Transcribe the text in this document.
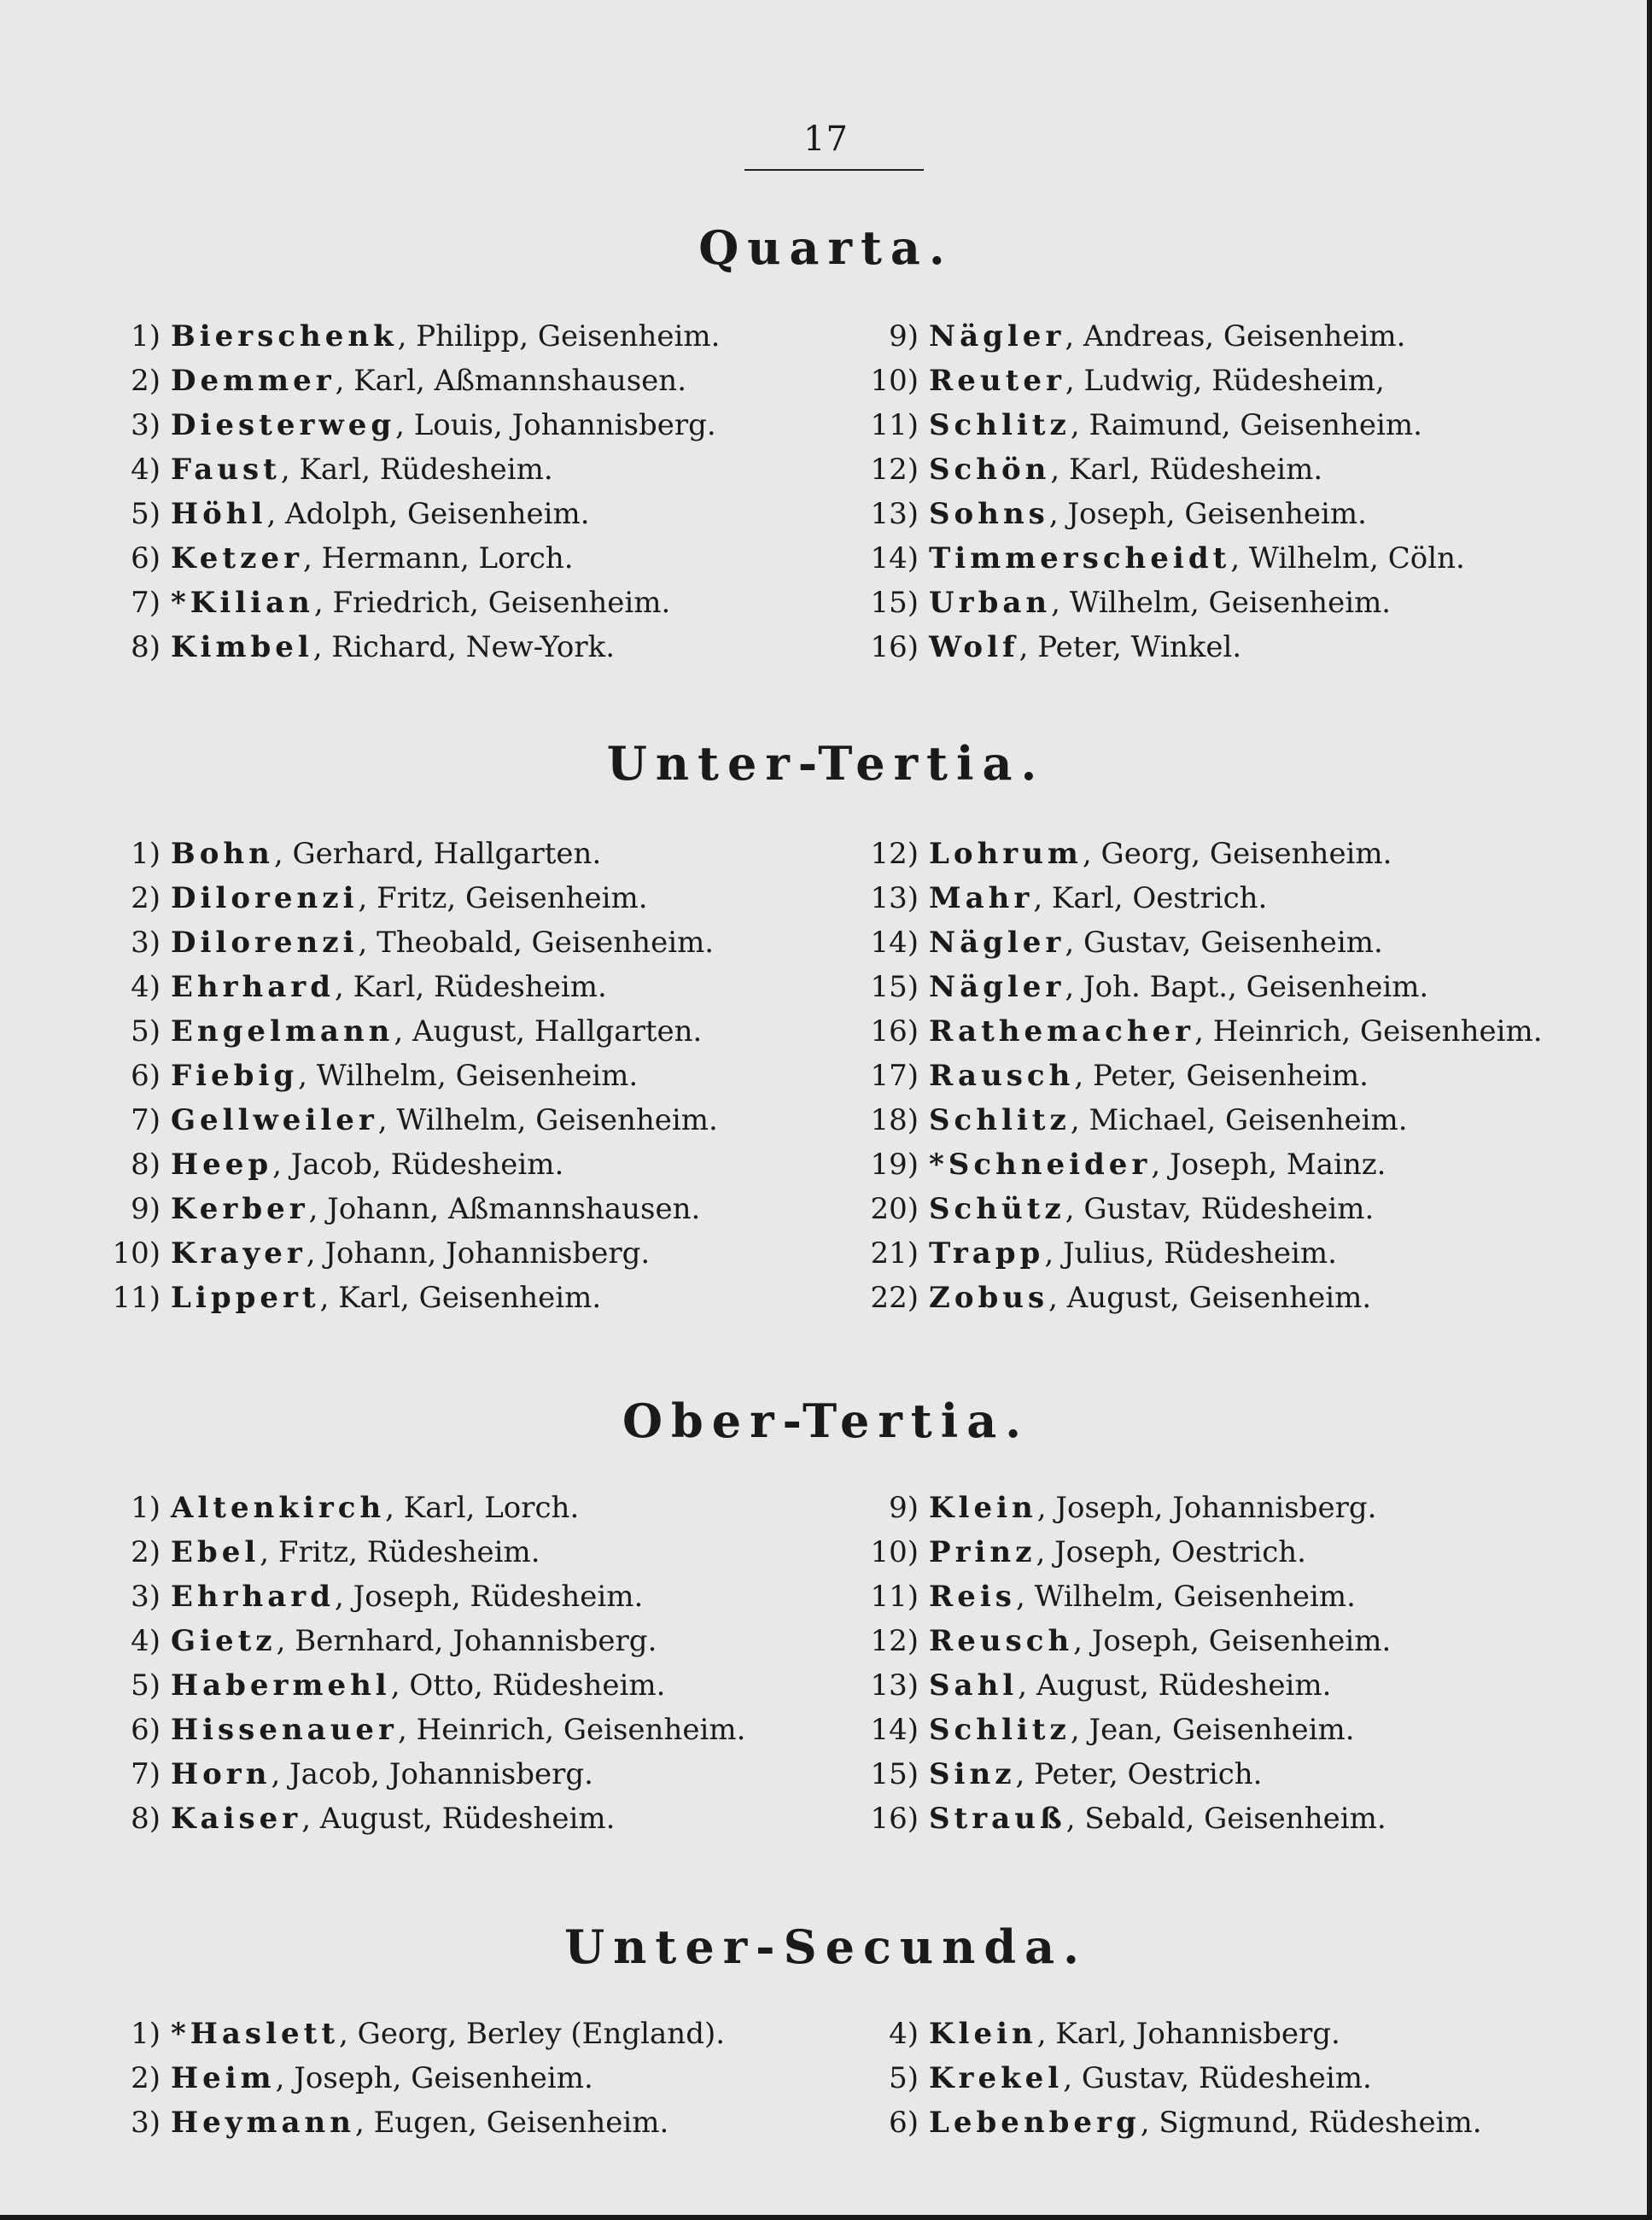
17
Quarta.
1) Bierschenk, Philipp, Geisenheim.
2) Demmer, Karl, Aßmannshausen.
3) Diesterweg, Louis, Johannisberg.
4) Faust, Karl, Rüdesheim.
5) Höhl, Adolph, Geisenheim.
6) Ketzer, Hermann, Lorch.
7) *Kilian, Friedrich, Geisenheim.
8) Kimbel, Richard, New-York.
9) Nägler, Andreas, Geisenheim.
10) Reuter, Ludwig, Rüdesheim,
11) Schlitz, Raimund, Geisenheim.
12) Schön, Karl, Rüdesheim.
13) Sohns, Joseph, Geisenheim.
14) Timmerscheidt, Wilhelm, Cöln.
15) Urban, Wilhelm, Geisenheim.
16) Wolf, Peter, Winkel.
Unter-Tertia.
1) Bohn, Gerhard, Hallgarten.
2) Dilorenzi, Fritz, Geisenheim.
3) Dilorenzi, Theobald, Geisenheim.
4) Ehrhard, Karl, Rüdesheim.
5) Engelmann, August, Hallgarten.
6) Fiebig, Wilhelm, Geisenheim.
7) Gellweiler, Wilhelm, Geisenheim.
8) Heep, Jacob, Rüdesheim.
9) Kerber, Johann, Aßmannshausen.
10) Krayer, Johann, Johannisberg.
11) Lippert, Karl, Geisenheim.
12) Lohrum, Georg, Geisenheim.
13) Mahr, Karl, Oestrich.
14) Nägler, Gustav, Geisenheim.
15) Nägler, Joh. Bapt., Geisenheim.
16) Rathemacher, Heinrich, Geisenheim.
17) Rausch, Peter, Geisenheim.
18) Schlitz, Michael, Geisenheim.
19) *Schneider, Joseph, Mainz.
20) Schütz, Gustav, Rüdesheim.
21) Trapp, Julius, Rüdesheim.
22) Zobus, August, Geisenheim.
Ober-Tertia.
1) Altenkirch, Karl, Lorch.
2) Ebel, Fritz, Rüdesheim.
3) Ehrhard, Joseph, Rüdesheim.
4) Gietz, Bernhard, Johannisberg.
5) Habermehl, Otto, Rüdesheim.
6) Hissenauer, Heinrich, Geisenheim.
7) Horn, Jacob, Johannisberg.
8) Kaiser, August, Rüdesheim.
9) Klein, Joseph, Johannisberg.
10) Prinz, Joseph, Oestrich.
11) Reis, Wilhelm, Geisenheim.
12) Reusch, Joseph, Geisenheim.
13) Sahl, August, Rüdesheim.
14) Schlitz, Jean, Geisenheim.
15) Sinz, Peter, Oestrich.
16) Strauß, Sebald, Geisenheim.
Unter-Secunda.
1) *Haslett, Georg, Berley (England).
2) Heim, Joseph, Geisenheim.
3) Heymann, Eugen, Geisenheim.
4) Klein, Karl, Johannisberg.
5) Krekel, Gustav, Rüdesheim.
6) Lebenberg, Sigmund, Rüdesheim.
